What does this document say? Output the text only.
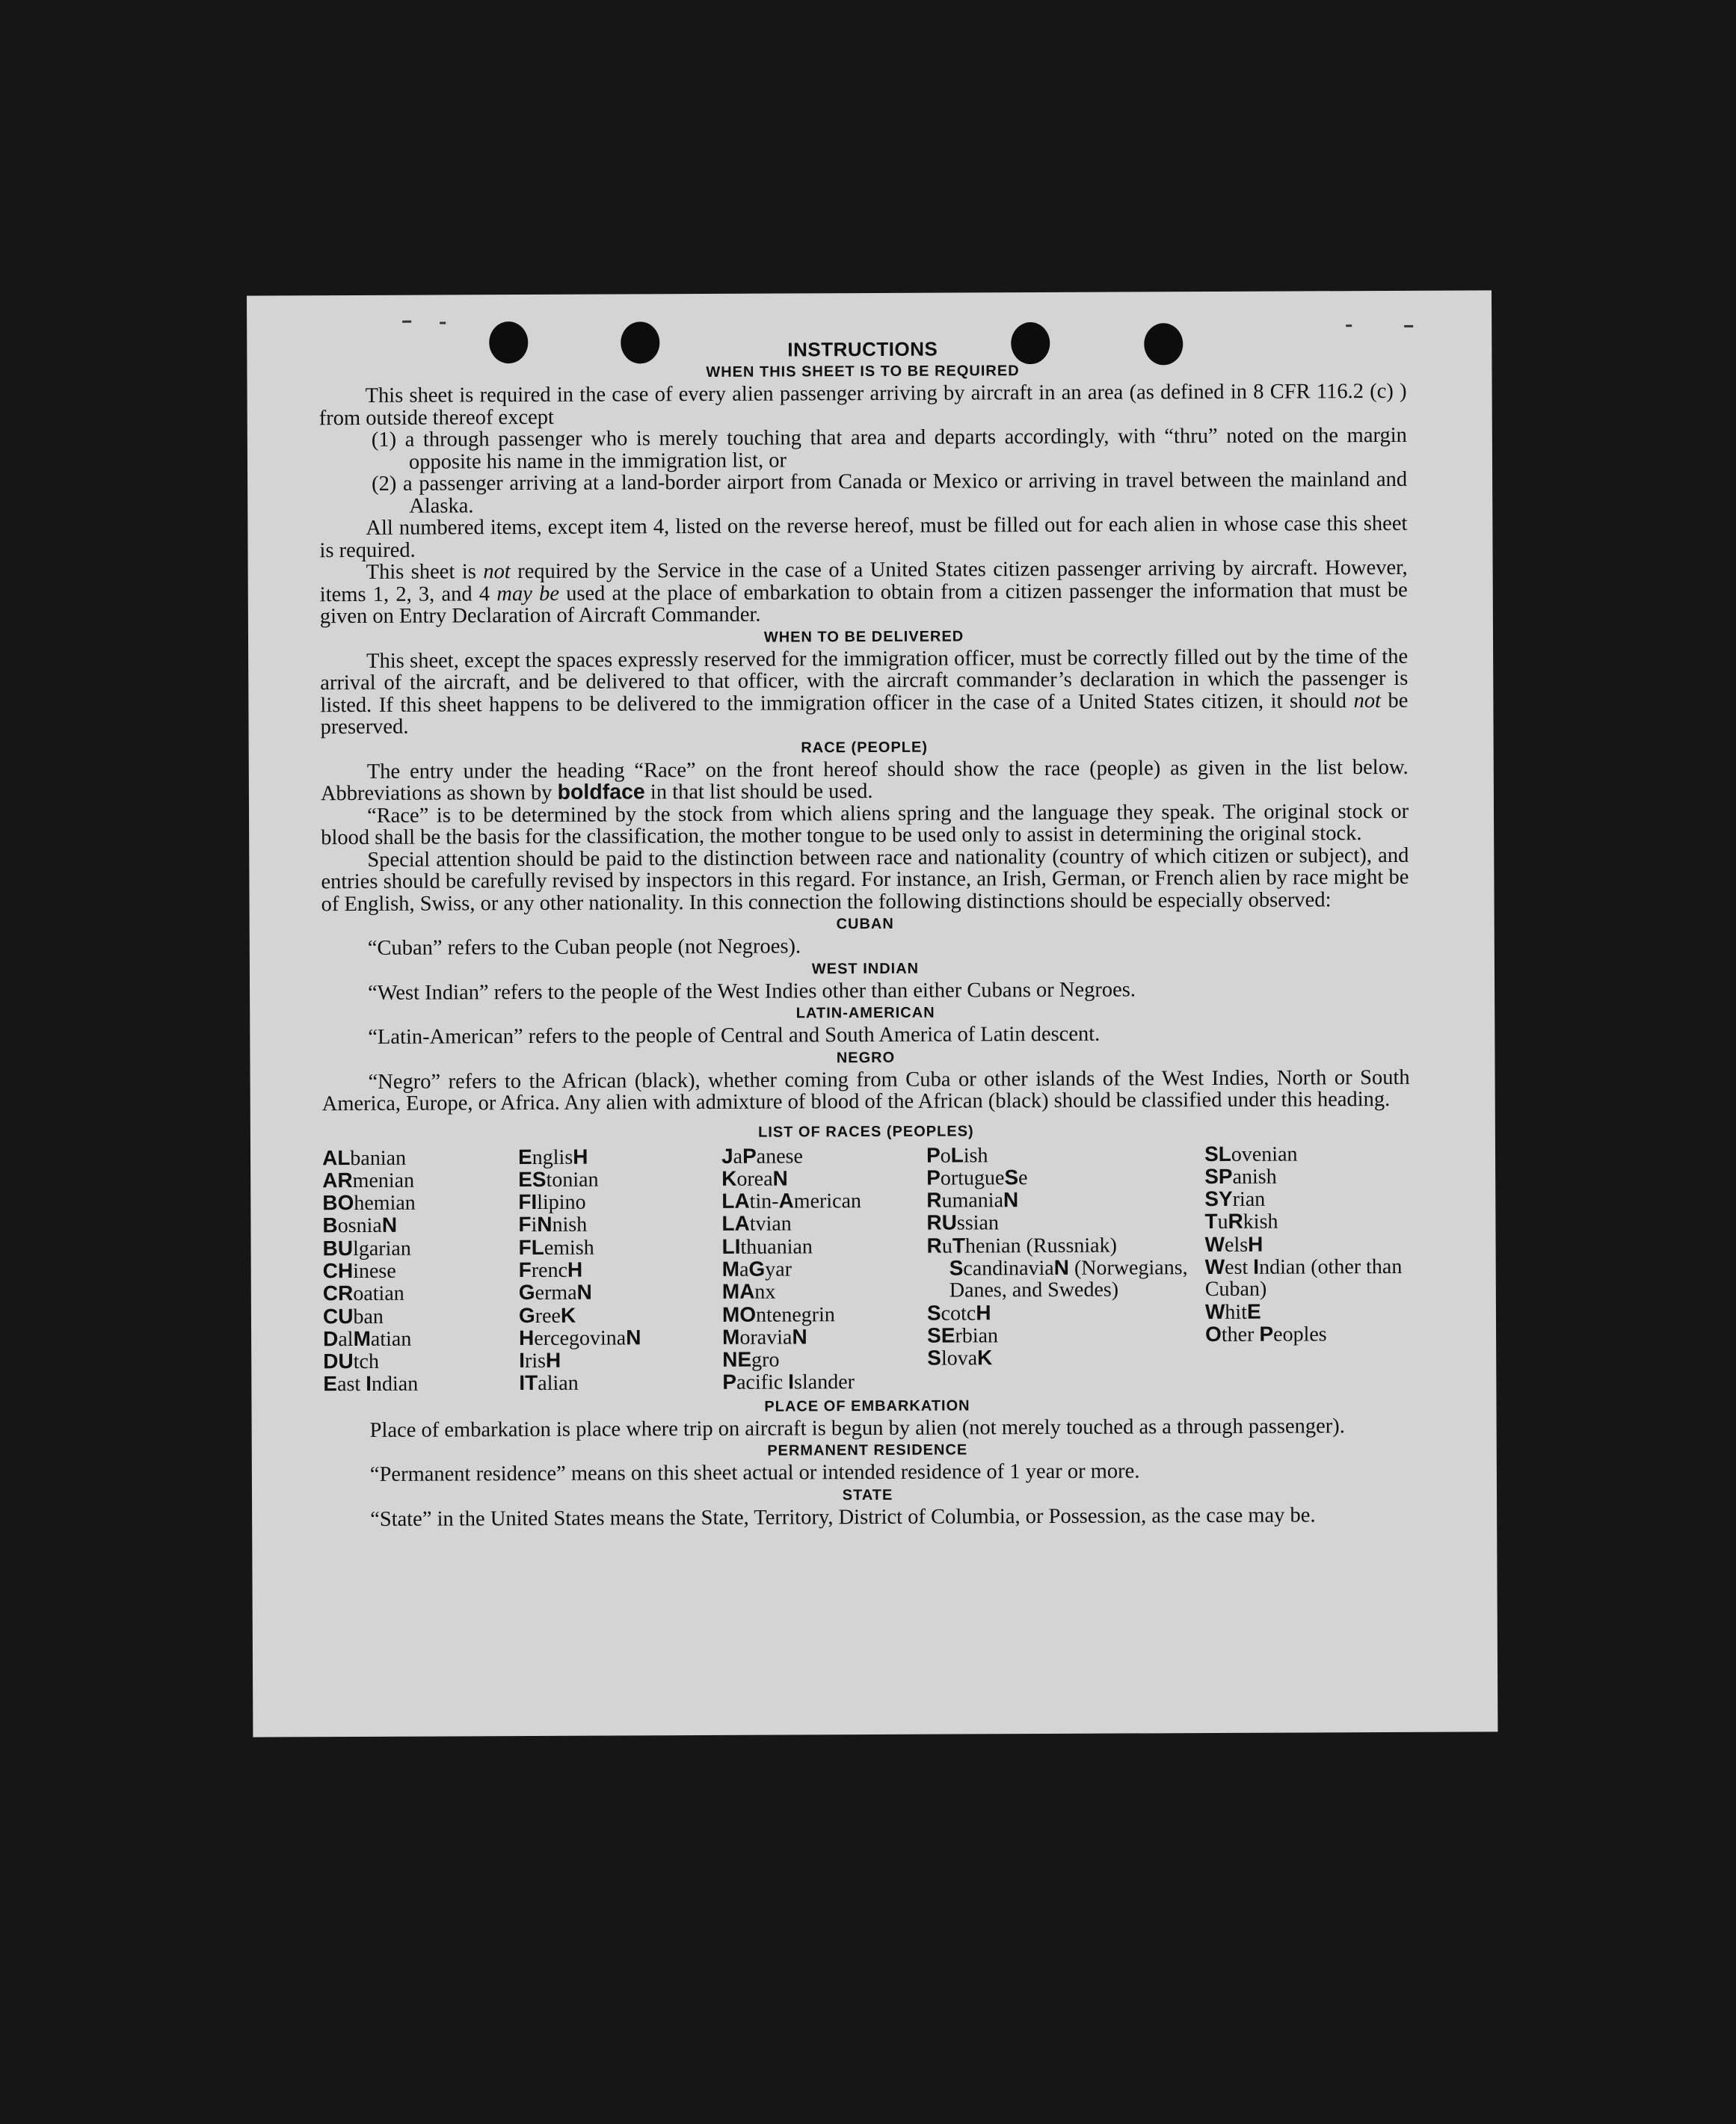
INSTRUCTIONS
WHEN THIS SHEET IS TO BE REQUIRED

This sheet is required in the case of every alien passenger arriving by aircraft in an area (as defined in 8 CFR 116.2 (c) ) from outside thereof except

(1) a through passenger who is merely touching that area and departs accordingly, with “thru” noted on the margin opposite his name in the immigration list, or

(2) a passenger arriving at a land-border airport from Canada or Mexico or arriving in travel between the mainland and Alaska.

All numbered items, except item 4, listed on the reverse hereof, must be filled out for each alien in whose case this sheet is required.

This sheet is not required by the Service in the case of a United States citizen passenger arriving by aircraft. However, items 1, 2, 3, and 4 may be used at the place of embarkation to obtain from a citizen passenger the information that must be given on Entry Declaration of Aircraft Commander.

WHEN TO BE DELIVERED

This sheet, except the spaces expressly reserved for the immigration officer, must be correctly filled out by the time of the arrival of the aircraft, and be delivered to that officer, with the aircraft commander’s declaration in which the passenger is listed. If this sheet happens to be delivered to the immigration officer in the case of a United States citizen, it should not be preserved.

RACE (PEOPLE)

The entry under the heading “Race” on the front hereof should show the race (people) as given in the list below. Abbreviations as shown by boldface in that list should be used.

“Race” is to be determined by the stock from which aliens spring and the language they speak. The original stock or blood shall be the basis for the classification, the mother tongue to be used only to assist in determining the original stock.

Special attention should be paid to the distinction between race and nationality (country of which citizen or subject), and entries should be carefully revised by inspectors in this regard. For instance, an Irish, German, or French alien by race might be of English, Swiss, or any other nationality. In this connection the following distinctions should be especially observed:

CUBAN

“Cuban” refers to the Cuban people (not Negroes).

WEST INDIAN

“West Indian” refers to the people of the West Indies other than either Cubans or Negroes.

LATIN-AMERICAN

“Latin-American” refers to the people of Central and South America of Latin descent.

NEGRO

“Negro” refers to the African (black), whether coming from Cuba or other islands of the West Indies, North or South America, Europe, or Africa. Any alien with admixture of blood of the African (black) should be classified under this heading.

LIST OF RACES (PEOPLES)
ALbanian
ARmenian
BOhemian
BosniaN
BUlgarian
CHinese
CRoatian
CUban
DalMatian
DUtch
East Indian
EnglisH
EStonian
FIlipino
FiNnish
FLemish
FrencH
GermaN
GreeK
HercegovinaN
IrisH
ITalian
JaPanese
KoreaN
LAtin-American
LAtvian
LIthuanian
MaGyar
MAnx
MOntenegrin
MoraviaN
NEgro
Pacific Islander
PoLish
PortugueSe
RumaniaN
RUssian
RuThenian (Russniak)
ScandinaviaN (Norwegians, Danes, and Swedes)
ScotcH
SErbian
SlovaK
SLovenian
SPanish
SYrian
TuRkish
WelsH
West Indian (other than Cuban)
WhitE
Other Peoples
PLACE OF EMBARKATION

Place of embarkation is place where trip on aircraft is begun by alien (not merely touched as a through passenger).

PERMANENT RESIDENCE

“Permanent residence” means on this sheet actual or intended residence of 1 year or more.

STATE

“State” in the United States means the State, Territory, District of Columbia, or Possession, as the case may be.
